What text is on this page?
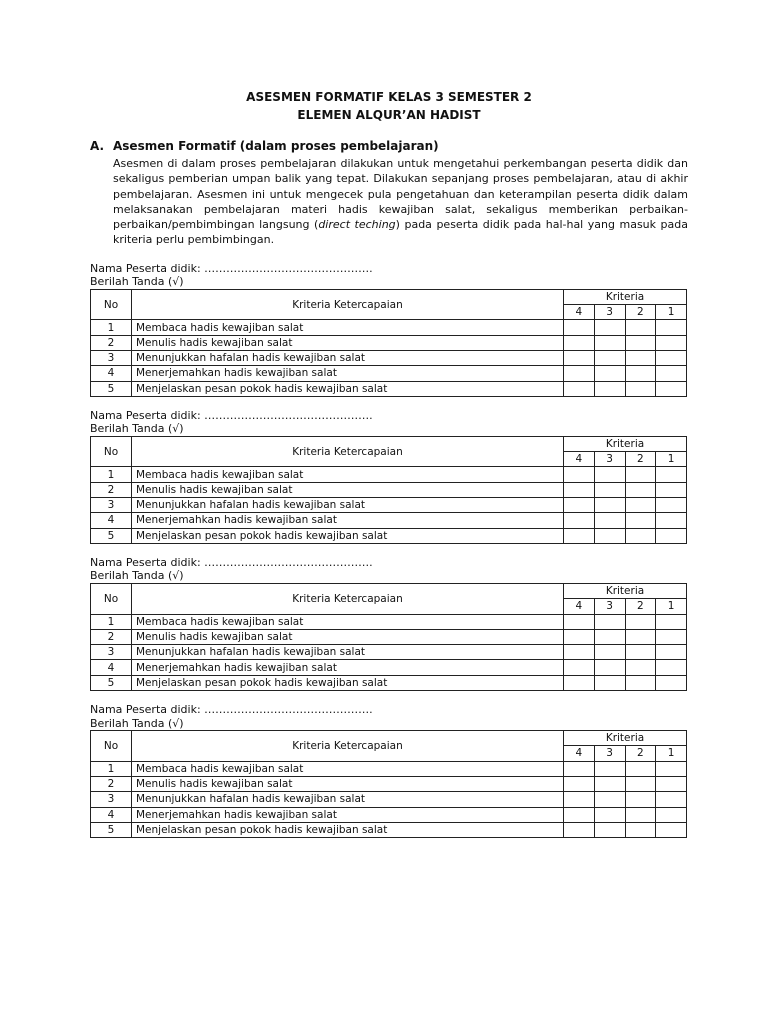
ASESMEN FORMATIF KELAS 3 SEMESTER 2
ELEMEN ALQUR’AN HADIST
A. Asesmen Formatif (dalam proses pembelajaran)
Asesmen di dalam proses pembelajaran dilakukan untuk mengetahui perkembangan peserta didik dan sekaligus pemberian umpan balik yang tepat. Dilakukan sepanjang proses pembelajaran, atau di akhir pembelajaran. Asesmen ini untuk mengecek pula pengetahuan dan keterampilan peserta didik dalam melaksanakan pembelajaran materi hadis kewajiban salat, sekaligus memberikan perbaikan-perbaikan/pembimbingan langsung (direct teching) pada peserta didik pada hal-hal yang masuk pada kriteria perlu pembimbingan.
Nama Peserta didik: ……………………………………….
Berilah Tanda (√)
No	Kriteria Ketercapaian	Kriteria			
		4	3	2	1
1	Membaca hadis kewajiban salat				
2	Menulis hadis kewajiban salat				
3	Menunjukkan hafalan hadis kewajiban salat				
4	Menerjemahkan hadis kewajiban salat				
5	Menjelaskan pesan pokok hadis kewajiban salat				
Nama Peserta didik: ……………………………………….
Berilah Tanda (√)
No	Kriteria Ketercapaian	Kriteria			
		4	3	2	1
1	Membaca hadis kewajiban salat				
2	Menulis hadis kewajiban salat				
3	Menunjukkan hafalan hadis kewajiban salat				
4	Menerjemahkan hadis kewajiban salat				
5	Menjelaskan pesan pokok hadis kewajiban salat				
Nama Peserta didik: ……………………………………….
Berilah Tanda (√)
No	Kriteria Ketercapaian	Kriteria			
		4	3	2	1
1	Membaca hadis kewajiban salat				
2	Menulis hadis kewajiban salat				
3	Menunjukkan hafalan hadis kewajiban salat				
4	Menerjemahkan hadis kewajiban salat				
5	Menjelaskan pesan pokok hadis kewajiban salat				
Nama Peserta didik: ……………………………………….
Berilah Tanda (√)
No	Kriteria Ketercapaian	Kriteria			
		4	3	2	1
1	Membaca hadis kewajiban salat				
2	Menulis hadis kewajiban salat				
3	Menunjukkan hafalan hadis kewajiban salat				
4	Menerjemahkan hadis kewajiban salat				
5	Menjelaskan pesan pokok hadis kewajiban salat				
